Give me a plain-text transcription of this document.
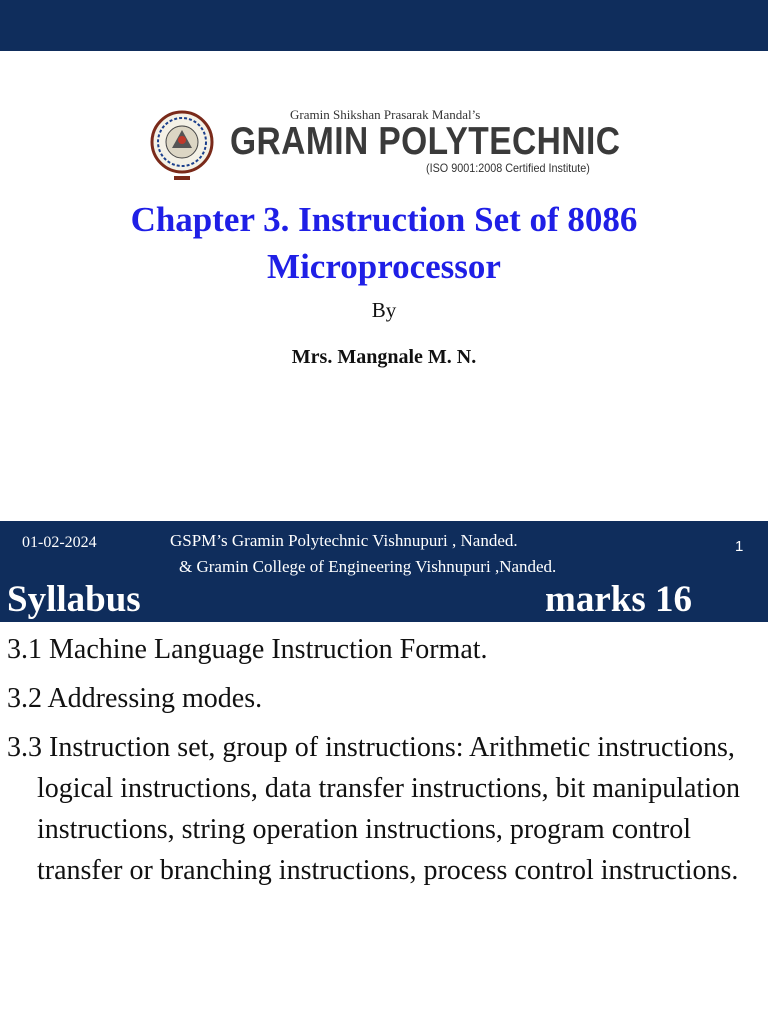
Gramin Shikshan Prasarak Mandal’s
GRAMIN POLYTECHNIC
(ISO 9001:2008 Certified Institute)
Chapter 3. Instruction Set of 8086
Microprocessor
By
Mrs. Mangnale M. N.
01-02-2024	GSPM’s Gramin Polytechnic Vishnupuri , Nanded.
& Gramin College of Engineering Vishnupuri ,Nanded.
1
Syllabus	marks 16
3.1 Machine Language Instruction Format.
3.2 Addressing modes.
3.3 Instruction set, group of instructions: Arithmetic instructions, logical instructions, data transfer instructions, bit manipulation instructions, string operation instructions, program control transfer or branching instructions, process control instructions.
